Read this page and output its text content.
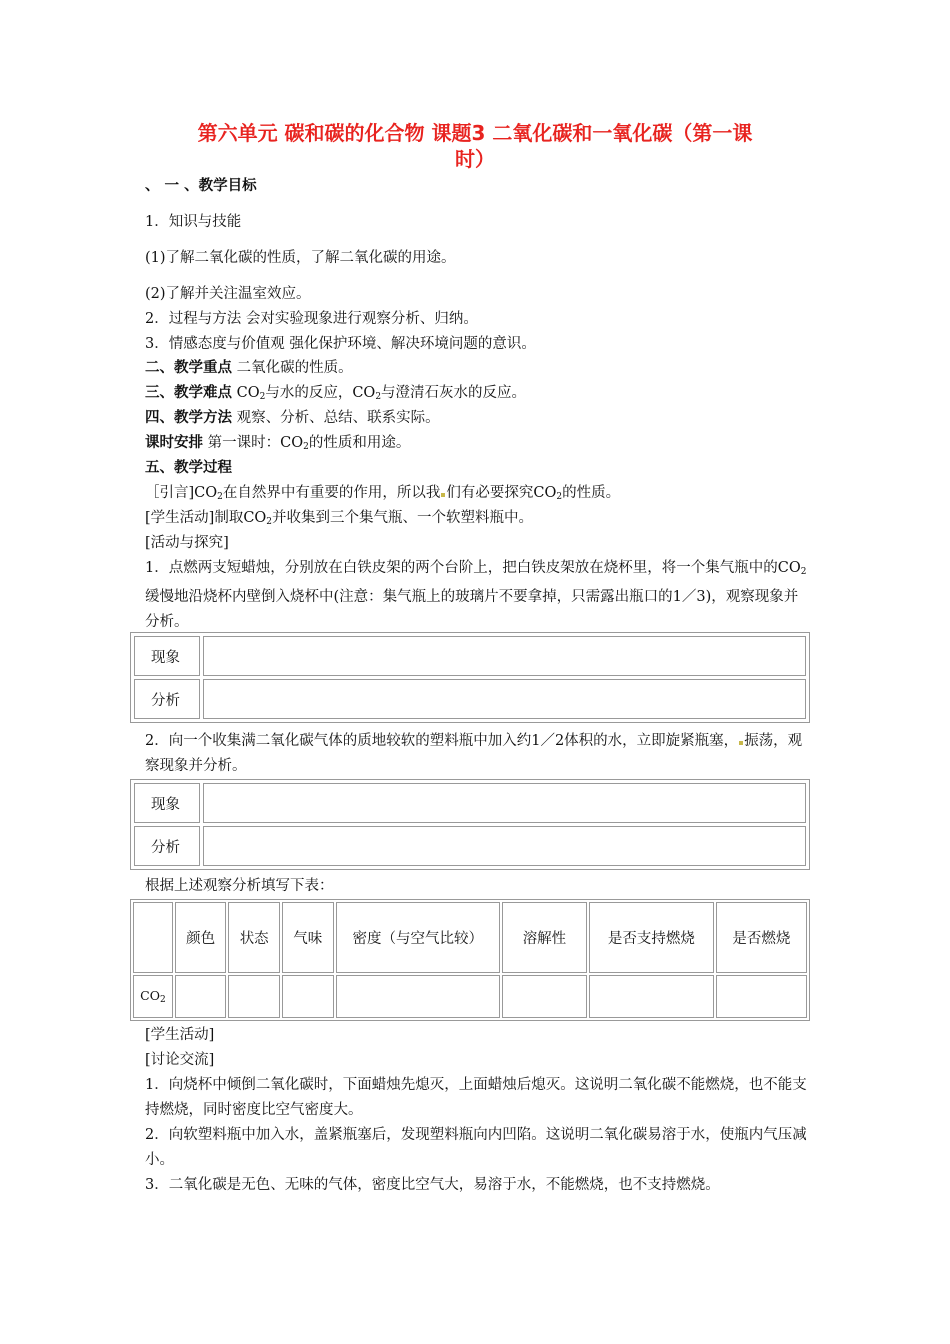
第六单元 碳和碳的化合物 课题3 二氧化碳和一氧化碳（第一课
时）
、 一 、教学目标
1．知识与技能
(1)了解二氧化碳的性质，了解二氧化碳的用途。
(2)了解并关注温室效应。
2．过程与方法 会对实验现象进行观察分析、归纳。
3．情感态度与价值观 强化保护环境、解决环境问题的意识。
二、教学重点 二氧化碳的性质。
三、教学难点 $CO_2$与水的反应，$CO_2$与澄清石灰水的反应。
四、教学方法 观察、分析、总结、联系实际。
课时安排 第一课时：$CO_2$的性质和用途。
五、教学过程
［引言]$CO_2$在自然界中有重要的作用，所以我 们有必要探究$CO_2$的性质。
[学生活动]制取$CO_2$并收集到三个集气瓶、一个软塑料瓶中。
[活动与探究]
1．点燃两支短蜡烛，分别放在白铁皮架的两个台阶上，把白铁皮架放在烧杯里，将一个集气瓶中的$CO_2$缓慢地沿烧杯内壁倒入烧杯中(注意：集气瓶上的玻璃片不要拿掉，只需露出瓶口的1／3)，观察现象并分析。
现象	
分析	
2．向一个收集满二氧化碳气体的质地较软的塑料瓶中加入约1／2体积的水，立即旋紧瓶塞， 振荡，观察现象并分析。
现象	
分析	
根据上述观察分析填写下表：
	颜色	状态	气味	密度（与空气比较）	溶解性	是否支持燃烧	是否燃烧
$CO_2$							
[学生活动]
[讨论交流]
1．向烧杯中倾倒二氧化碳时，下面蜡烛先熄灭，上面蜡烛后熄灭。这说明二氧化碳不能燃烧，也不能支持燃烧，同时密度比空气密度大。
2．向软塑料瓶中加入水，盖紧瓶塞后，发现塑料瓶向内凹陷。这说明二氧化碳易溶于水，使瓶内气压减小。
3．二氧化碳是无色、无味的气体，密度比空气大，易溶于水，不能燃烧，也不支持燃烧。
